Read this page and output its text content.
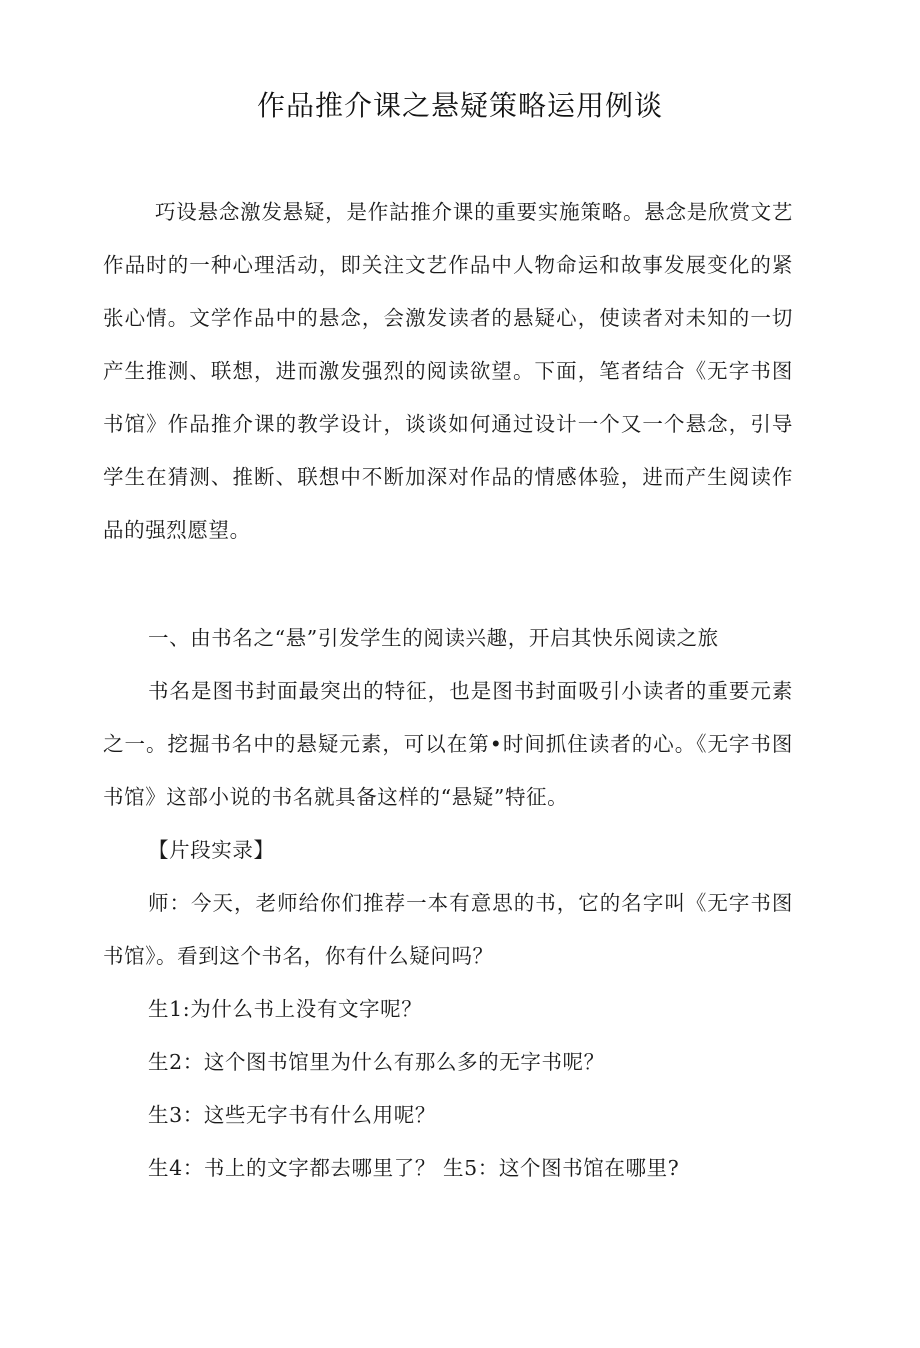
作品推介课之悬疑策略运用例谈

巧设悬念激发悬疑，是作詁推介课的重要实施策略。悬念是欣赏文艺作品时的一种心理活动，即关注文艺作品中人物命运和故事发展变化的紧张心情。文学作品中的悬念，会激发读者的悬疑心，使读者对未知的一切产生推测、联想，进而激发强烈的阅读欲望。下面，笔者结合《无字书图书馆》作品推介课的教学设计，谈谈如何通过设计一个又一个悬念，引导学生在猜测、推断、联想中不断加深对作品的情感体验，进而产生阅读作品的强烈愿望。

一、由书名之“悬”引发学生的阅读兴趣，开启其快乐阅读之旅

书名是图书封面最突出的特征，也是图书封面吸引小读者的重要元素之一。挖掘书名中的悬疑元素，可以在第•时间抓住读者的心。《无字书图书馆》这部小说的书名就具备这样的“悬疑”特征。

【片段实录】

师：今天，老师给你们推荐一本有意思的书，它的名字叫《无字书图书馆》。看到这个书名，你有什么疑问吗？

生1:为什么书上没有文字呢？

生2：这个图书馆里为什么有那么多的无字书呢？

生3：这些无字书有什么用呢？

生4：书上的文字都去哪里了？ 生5：这个图书馆在哪里?
